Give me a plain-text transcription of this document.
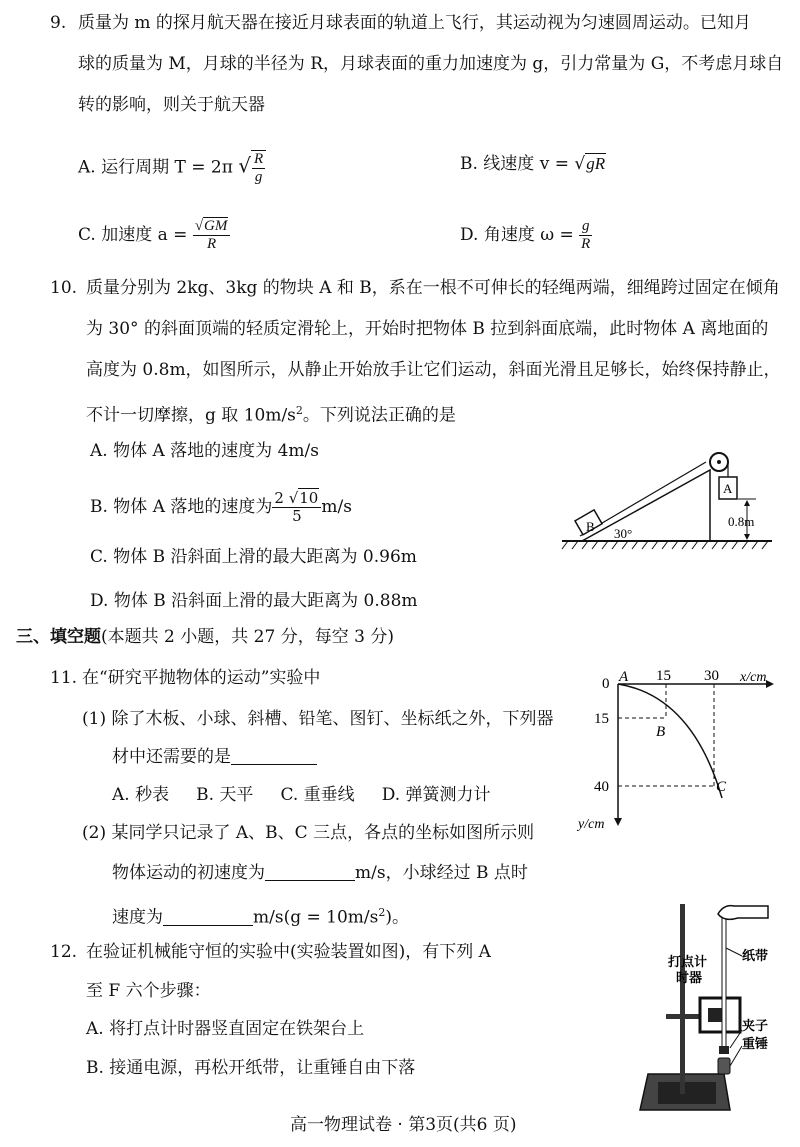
9. 质量为 m 的探月航天器在接近月球表面的轨道上飞行，其运动视为匀速圆周运动。已知月
球的质量为 M，月球的半径为 R，月球表面的重力加速度为 g，引力常量为 G，不考虑月球自
转的影响，则关于航天器
A. 运行周期 T = 2π √ $\frac{R}{g}$	B. 线速度 v = √gR
C. 加速度 $a = \frac{√GM}{R}$	D. 角速度 $\omega = \frac{g}{R}$
10. 质量分别为 2kg、3kg 的物块 A 和 B，系在一根不可伸长的轻绳两端，细绳跨过固定在倾角
为 30° 的斜面顶端的轻质定滑轮上，开始时把物体 B 拉到斜面底端，此时物体 A 离地面的
高度为 0.8m，如图所示，从静止开始放手让它们运动，斜面光滑且足够长，始终保持静止，
不计一切摩擦，g 取 $10m/s^2$。下列说法正确的是
A. 物体 A 落地的速度为 4m/s
B. 物体 A 落地的速度为 $\frac{2 √10}{5} m/s$
C. 物体 B 沿斜面上滑的最大距离为 0.96m
D. 物体 B 沿斜面上滑的最大距离为 0.88m
B 30°
A
0.8m
三、填空题(本题共 2 小题，共 27 分，每空 3 分)
11. 在“研究平抛物体的运动”实验中
(1) 除了木板、小球、斜槽、铅笔、图钉、坐标纸之外，下列器
材中还需要的是
A. 秒表 B. 天平 C. 重垂线 D. 弹簧测力计
(2) 某同学只记录了 A、B、C 三点，各点的坐标如图所示则
物体运动的初速度为	m/s，小球经过 B 点时
速度为	$m/s(g = 10m/s^2)$。
0 A 15 30 x/cm
15
B
40	C
y/cm
12. 在验证机械能守恒的实验中(实验装置如图)，有下列 A
至 F 六个步骤：
A. 将打点计时器竖直固定在铁架台上
B. 接通电源，再松开纸带，让重锤自由下落
打点计
时器
纸带
夹子
重锤
高一物理试卷 · 第3页(共6 页)
